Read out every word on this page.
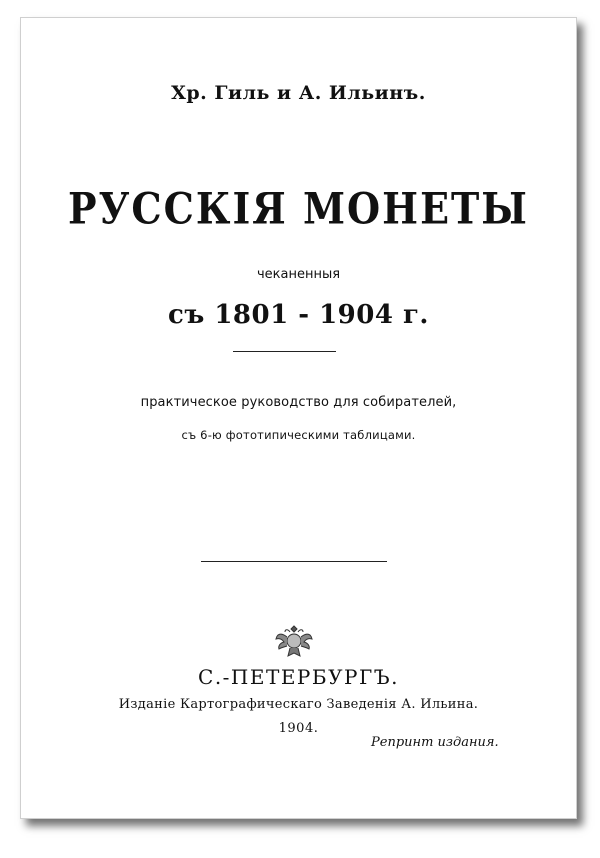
Хр. Гиль и А. Ильинъ.
РУССКІЯ МОНЕТЫ
чеканенныя
съ 1801 - 1904 г.
практическое руководство для собирателей,
съ 6-ю фототипическими таблицами.
С.-ПЕТЕРБУРГЪ.
Изданіе Картографическаго Заведенія А. Ильина.
1904.
Репринт издания.
